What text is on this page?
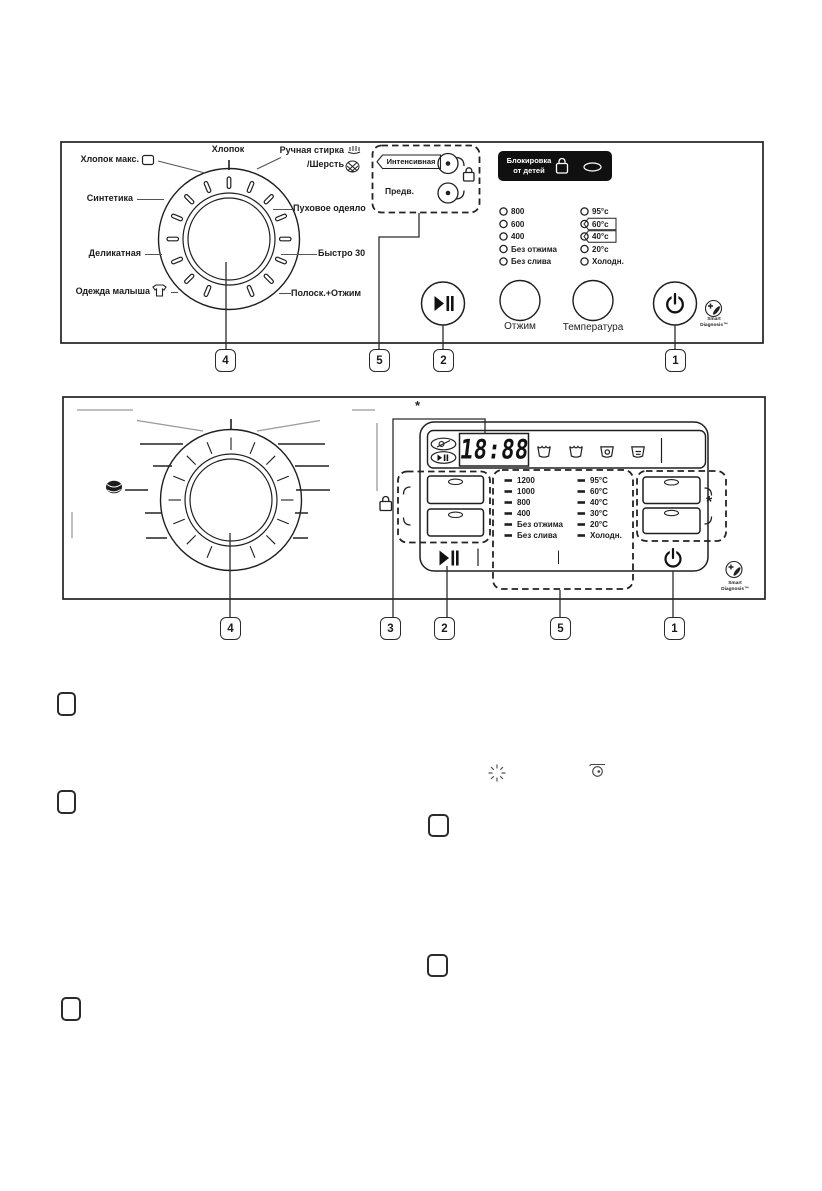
Хлопок
Хлопок макс.
Синтетика
Деликатная
Одежда малыша
Ручная стирка
/Шерсть
Пуховое одеяло
Быстро 30
Полоск.+Отжим
Интенсивная
Предв.
Блокировка
от детей
800
600
400
Без отжима
Без слива
95°c
60°c
40°c
20°c
Холодн.
Отжим	Температура
Smart
Diagnosis™
4	5	2	1
*
18:88
1200
1000
800
400
Без отжима
Без слива
95°C
60°C
40°C
30°C
20°C
Холодн.
*
Smart
Diagnosis™
4	3	2	5	1
